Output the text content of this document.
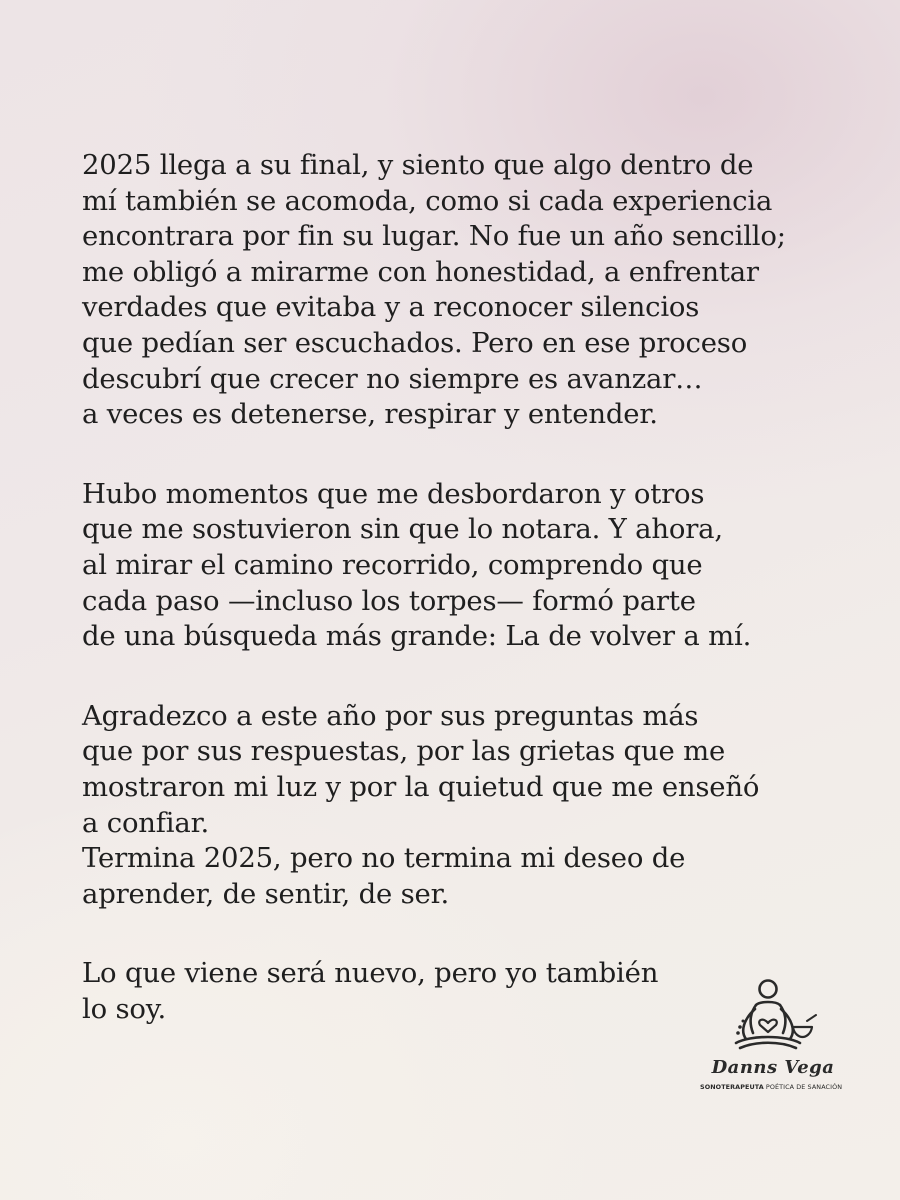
2025 llega a su final, y siento que algo dentro de
mí también se acomoda, como si cada experiencia
encontrara por fin su lugar. No fue un año sencillo;
me obligó a mirarme con honestidad, a enfrentar
verdades que evitaba y a reconocer silencios
que pedían ser escuchados. Pero en ese proceso
descubrí que crecer no siempre es avanzar…
a veces es detenerse, respirar y entender.
Hubo momentos que me desbordaron y otros
que me sostuvieron sin que lo notara. Y ahora,
al mirar el camino recorrido, comprendo que
cada paso —incluso los torpes— formó parte
de una búsqueda más grande: La de volver a mí.
Agradezco a este año por sus preguntas más
que por sus respuestas, por las grietas que me
mostraron mi luz y por la quietud que me enseñó
a confiar.
Termina 2025, pero no termina mi deseo de
aprender, de sentir, de ser.
Lo que viene será nuevo, pero yo también
lo soy.
Danns Vega
SONOTERAPEUTA POÉTICA DE SANACIÓN
